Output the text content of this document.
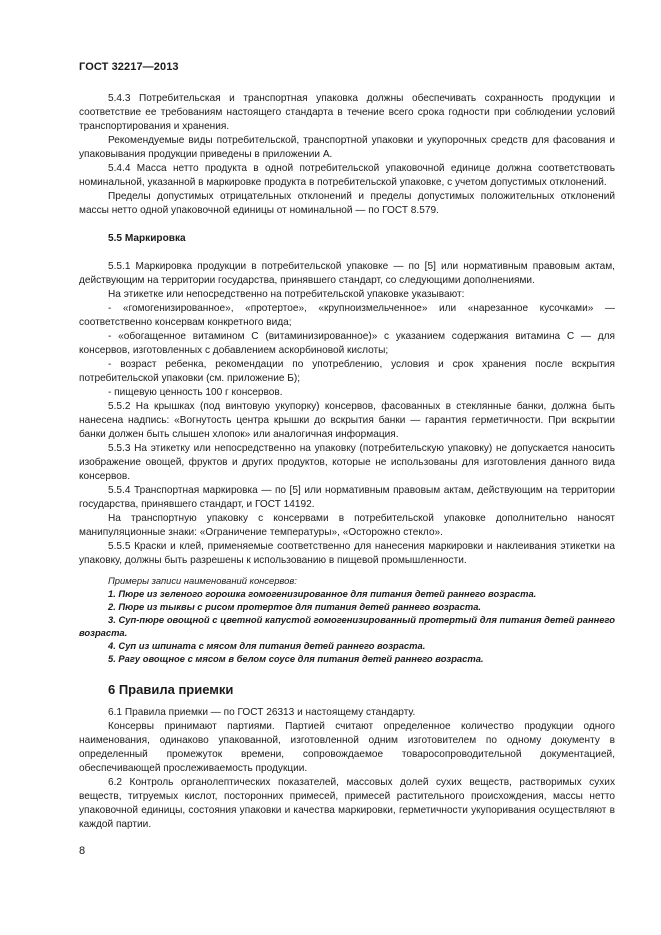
ГОСТ 32217—2013

5.4.3 Потребительская и транспортная упаковка должны обеспечивать сохранность продукции и соответствие ее требованиям настоящего стандарта в течение всего срока годности при соблюдении условий транспортирования и хранения.

Рекомендуемые виды потребительской, транспортной упаковки и укупорочных средств для фасования и упаковывания продукции приведены в приложении А.

5.4.4 Масса нетто продукта в одной потребительской упаковочной единице должна соответствовать номинальной, указанной в маркировке продукта в потребительской упаковке, с учетом допустимых отклонений.

Пределы допустимых отрицательных отклонений и пределы допустимых положительных отклонений массы нетто одной упаковочной единицы от номинальной — по ГОСТ 8.579.

5.5 Маркировка

5.5.1 Маркировка продукции в потребительской упаковке — по [5] или нормативным правовым актам, действующим на территории государства, принявшего стандарт, со следующими дополнениями.

На этикетке или непосредственно на потребительской упаковке указывают:

- «гомогенизированное», «протертое», «крупноизмельченное» или «нарезанное кусочками» — соответственно консервам конкретного вида;

- «обогащенное витамином С (витаминизированное)» с указанием содержания витамина С — для консервов, изготовленных с добавлением аскорбиновой кислоты;

- возраст ребенка, рекомендации по употреблению, условия и срок хранения после вскрытия потребительской упаковки (см. приложение Б);

- пищевую ценность 100 г консервов.

5.5.2 На крышках (под винтовую укупорку) консервов, фасованных в стеклянные банки, должна быть нанесена надпись: «Вогнутость центра крышки до вскрытия банки — гарантия герметичности. При вскрытии банки должен быть слышен хлопок» или аналогичная информация.

5.5.3 На этикетку или непосредственно на упаковку (потребительскую упаковку) не допускается наносить изображение овощей, фруктов и других продуктов, которые не использованы для изготовления данного вида консервов.

5.5.4 Транспортная маркировка — по [5] или нормативным правовым актам, действующим на территории государства, принявшего стандарт, и ГОСТ 14192.

На транспортную упаковку с консервами в потребительской упаковке дополнительно наносят манипуляционные знаки: «Ограничение температуры», «Осторожно стекло».

5.5.5 Краски и клей, применяемые соответственно для нанесения маркировки и наклеивания этикетки на упаковку, должны быть разрешены к использованию в пищевой промышленности.

Примеры записи наименований консервов:

1. Пюре из зеленого горошка гомогенизированное для питания детей раннего возраста.

2. Пюре из тыквы с рисом протертое для питания детей раннего возраста.

3. Суп-пюре овощной с цветной капустой гомогенизированный протертый для питания детей раннего возраста.

4. Суп из шпината с мясом для питания детей раннего возраста.

5. Рагу овощное с мясом в белом соусе для питания детей раннего возраста.

6 Правила приемки

6.1 Правила приемки — по ГОСТ 26313 и настоящему стандарту.

Консервы принимают партиями. Партией считают определенное количество продукции одного наименования, одинаково упакованной, изготовленной одним изготовителем по одному документу в определенный промежуток времени, сопровождаемое товаросопроводительной документацией, обеспечивающей прослеживаемость продукции.

6.2 Контроль органолептических показателей, массовых долей сухих веществ, растворимых сухих веществ, титруемых кислот, посторонних примесей, примесей растительного происхождения, массы нетто упаковочной единицы, состояния упаковки и качества маркировки, герметичности укупоривания осуществляют в каждой партии.

8
